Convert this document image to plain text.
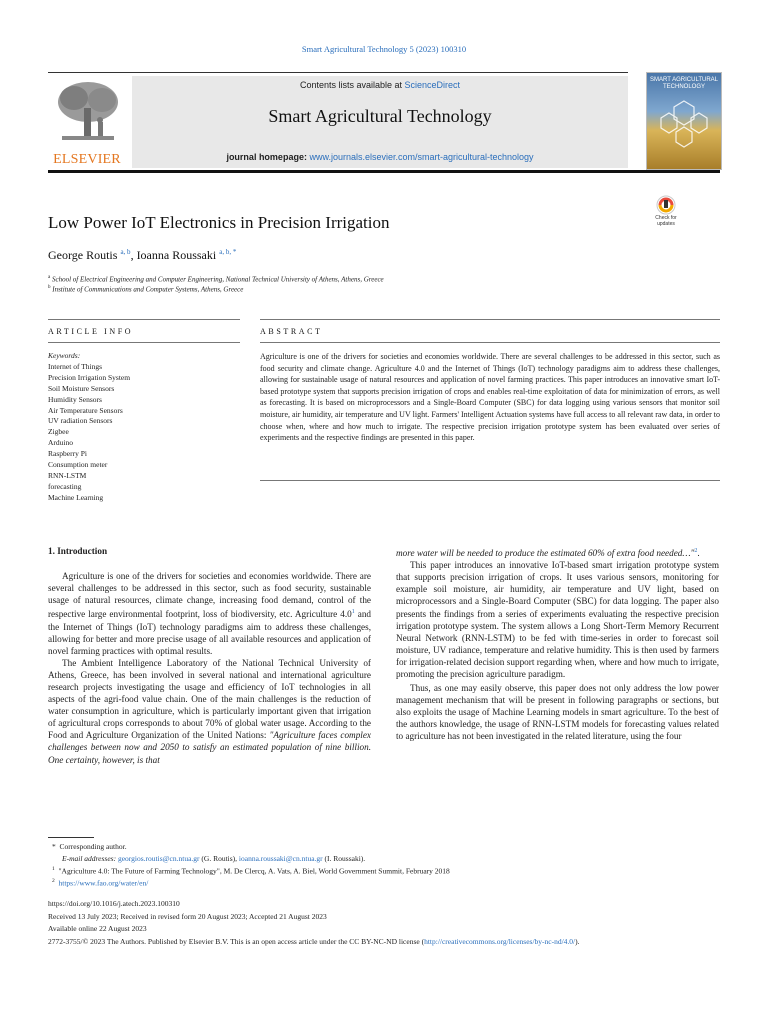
Smart Agricultural Technology 5 (2023) 100310
ELSEVIER
Contents lists available at ScienceDirect
Smart Agricultural Technology
journal homepage: www.journals.elsevier.com/smart-agricultural-technology
SMART AGRICULTURAL TECHNOLOGY
Low Power IoT Electronics in Precision Irrigation	Check for updates
George Routis $^{a, b}$, Ioanna Roussaki $^{a, b, *}$
$^a$ School of Electrical Engineering and Computer Engineering, National Technical University of Athens, Athens, Greece
$^b$ Institute of Communications and Computer Systems, Athens, Greece
ARTICLE INFO	ABSTRACT
Keywords:
Internet of Things
Precision Irrigation System
Soil Moisture Sensors
Humidity Sensors
Air Temperature Sensors
UV radiation Sensors
Zigbee
Arduino
Raspberry Pi
Consumption meter
RNN-LSTM
forecasting
Machine Learning
Agriculture is one of the drivers for societies and economies worldwide. There are several challenges to be addressed in this sector, such as food security and climate change. Agriculture 4.0 and the Internet of Things (IoT) technology paradigms aim to address these challenges, allowing for sustainable usage of natural resources and application of novel farming practices. This paper introduces an innovative smart IoT-based prototype system that supports precision irrigation of crops and enables real-time exploitation of data for minimization of errors, as well as forecasting. It is based on microprocessors and a Single-Board Computer (SBC) for data logging using various sensors that monitor soil moisture, air humidity, air temperature and UV light. Farmers' Intelligent Actuation systems have full access to all relevant raw data, in order to choose when, where and how much to irrigate. The respective precision irrigation prototype system has been evaluated over series of experiments and the respective findings are presented in this paper.
1. Introduction

Agriculture is one of the drivers for societies and economies worldwide. There are several challenges to be addressed in this sector, such as food security, sustainable usage of natural resources, climate change, increasing food demand, control of the respective large environmental footprint, loss of biodiversity, etc. Agriculture $4.0^1$ and the Internet of Things (IoT) technology paradigms aim to address these challenges, allowing for better and more precise usage of all available resources and application of novel farming practices with optimal results.

The Ambient Intelligence Laboratory of the National Technical University of Athens, Greece, has been involved in several national and international agriculture research projects investigating the usage and efficiency of IoT technologies in all aspects of the agri-food value chain. One of the main challenges is the reduction of water consumption in agriculture, which is particularly important given that irrigation of agricultural crops corresponds to about 70% of global water usage. According to the Food and Agriculture Organization of the United Nations: "Agriculture faces complex challenges between now and 2050 to satisfy an estimated population of nine billion. One certainty, however, is that

more water will be needed to produce the estimated 60% of extra food needed…"$^2$.

This paper introduces an innovative IoT-based smart irrigation prototype system that supports precision irrigation of crops. It uses various sensors, monitoring for example soil moisture, air humidity, air temperature and UV light, based on microprocessors and a Single-Board Computer (SBC) for data logging. The paper also presents the findings from a series of experiments evaluating the respective precision irrigation prototype system. The system allows a Long Short-Term Memory Recurrent Neural Network (RNN-LSTM) to be fed with time-series in order to forecast soil moisture, UV radiance, temperature and relative humidity. This is then used by farmers for irrigation-related decision support regarding when, where and how much to irrigate, promoting the precision agriculture paradigm.

Thus, as one may easily observe, this paper does not only address the low power management mechanism that will be present in following paragraphs or sections, but also exploits the usage of Machine Learning models in smart agriculture. To the best of the authors knowledge, the usage of RNN-LSTM models for forecasting values related to agriculture has not been investigated in the related literature, using the four

* Corresponding author.
E-mail addresses: georgios.routis@cn.ntua.gr (G. Routis), ioanna.roussaki@cn.ntua.gr (I. Roussaki).
$^1$ "Agriculture 4.0: The Future of Farming Technology", M. De Clercq, A. Vats, A. Biel, World Government Summit, February 2018
$^2$ https://www.fao.org/water/en/
https://doi.org/10.1016/j.atech.2023.100310
Received 13 July 2023; Received in revised form 20 August 2023; Accepted 21 August 2023
Available online 22 August 2023
2772-3755/© 2023 The Authors. Published by Elsevier B.V. This is an open access article under the CC BY-NC-ND license (http://creativecommons.org/licenses/by-nc-nd/4.0/).
